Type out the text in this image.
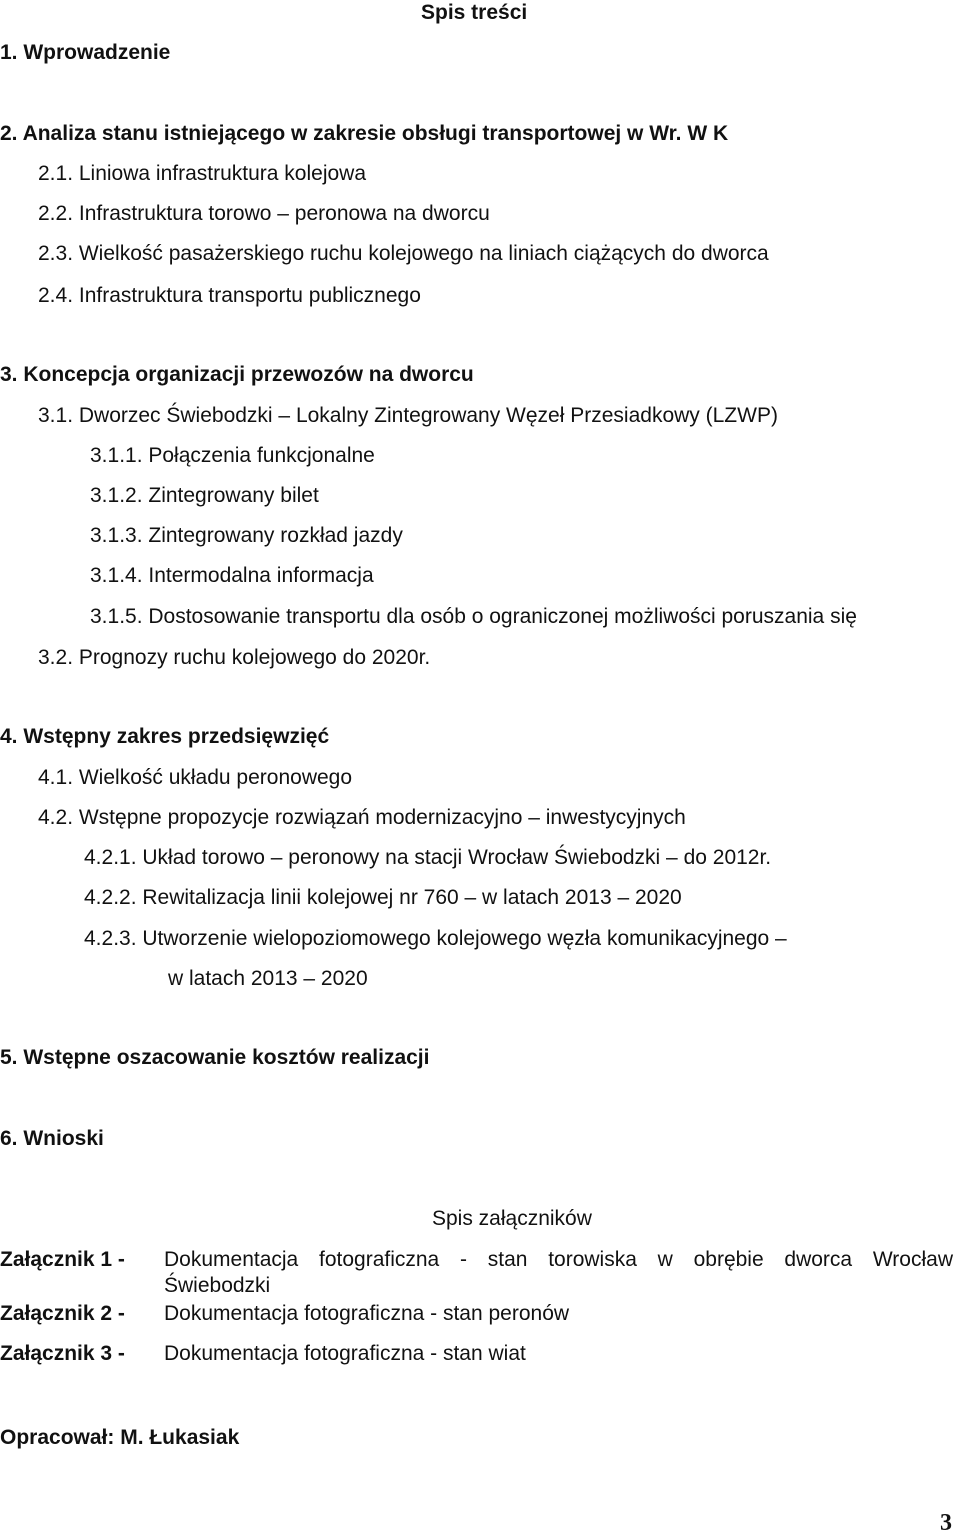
Spis treści
1. Wprowadzenie
2. Analiza stanu istniejącego w zakresie obsługi transportowej w Wr. W K
2.1. Liniowa infrastruktura kolejowa
2.2. Infrastruktura torowo – peronowa na dworcu
2.3. Wielkość pasażerskiego ruchu kolejowego na liniach ciążących do dworca
2.4. Infrastruktura transportu publicznego
3. Koncepcja organizacji przewozów na dworcu
3.1. Dworzec Świebodzki – Lokalny Zintegrowany Węzeł Przesiadkowy (LZWP)
3.1.1. Połączenia funkcjonalne
3.1.2. Zintegrowany bilet
3.1.3. Zintegrowany rozkład jazdy
3.1.4. Intermodalna informacja
3.1.5. Dostosowanie transportu dla osób o ograniczonej możliwości poruszania się
3.2. Prognozy ruchu kolejowego do 2020r.
4. Wstępny zakres przedsięwzięć
4.1. Wielkość układu peronowego
4.2. Wstępne propozycje rozwiązań modernizacyjno – inwestycyjnych
4.2.1. Układ torowo – peronowy na stacji Wrocław Świebodzki – do 2012r.
4.2.2. Rewitalizacja linii kolejowej nr 760 – w latach 2013 – 2020
4.2.3. Utworzenie wielopoziomowego kolejowego węzła komunikacyjnego –
w latach 2013 – 2020
5. Wstępne oszacowanie kosztów realizacji
6. Wnioski
Spis załączników
Załącznik 1 - Dokumentacja fotograficzna - stan torowiska w obrębie dworca Wrocław
Świebodzki
Załącznik 2 - Dokumentacja fotograficzna - stan peronów
Załącznik 3 - Dokumentacja fotograficzna - stan wiat
Opracował: M. Łukasiak
3
